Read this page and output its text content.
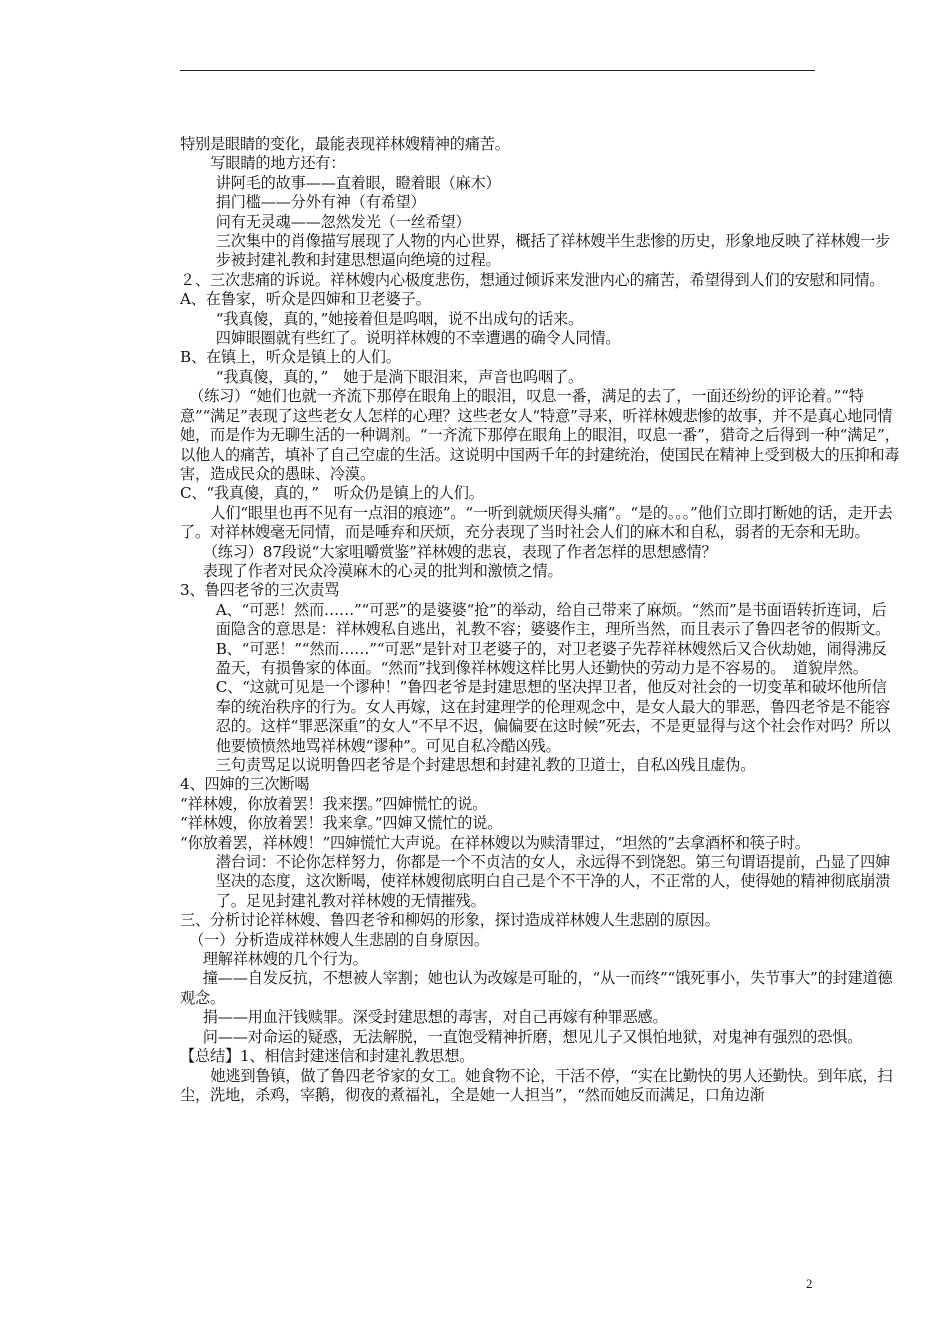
特别是眼睛的变化，最能表现祥林嫂精神的痛苦。

写眼睛的地方还有：

讲阿毛的故事——直着眼，瞪着眼（麻木）

捐门槛——分外有神（有希望）

问有无灵魂——忽然发光（一丝希望）

三次集中的肖像描写展现了人物的内心世界，概括了祥林嫂半生悲惨的历史，形象地反映了祥林嫂一步步被封建礼教和封建思想逼向绝境的过程。

２、三次悲痛的诉说。祥林嫂内心极度悲伤，想通过倾诉来发泄内心的痛苦，希望得到人们的安慰和同情。

A、在鲁家，听众是四婶和卫老婆子。

“我真傻，真的，”她接着但是呜咽，说不出成句的话来。

四婶眼圈就有些红了。说明祥林嫂的不幸遭遇的确令人同情。

B、在镇上，听众是镇上的人们。

“我真傻，真的，”　她于是淌下眼泪来，声音也呜咽了。

（练习）“她们也就一齐流下那停在眼角上的眼泪，叹息一番，满足的去了，一面还纷纷的评论着。”“特意”“满足”表现了这些老女人怎样的心理？这些老女人“特意”寻来，听祥林嫂悲惨的故事，并不是真心地同情她，而是作为无聊生活的一种调剂。“一齐流下那停在眼角上的眼泪，叹息一番”，猎奇之后得到一种“满足”，以他人的痛苦，填补了自己空虚的生活。这说明中国两千年的封建统治，使国民在精神上受到极大的压抑和毒害，造成民众的愚昧、冷漠。

C、“我真傻，真的，”　听众仍是镇上的人们。

人们“眼里也再不见有一点泪的痕迹”。“一听到就烦厌得头痛”。“是的。。。”他们立即打断她的话，走开去了。对祥林嫂毫无同情，而是唾弃和厌烦，充分表现了当时社会人们的麻木和自私，弱者的无奈和无助。

（练习）87段说“大家咀嚼赏鉴”祥林嫂的悲哀，表现了作者怎样的思想感情？

表现了作者对民众冷漠麻木的心灵的批判和激愤之情。

3、鲁四老爷的三次责骂

A、“可恶！然而……”“可恶”的是婆婆“抢”的举动，给自己带来了麻烦。“然而”是书面语转折连词，后面隐含的意思是：祥林嫂私自逃出，礼教不容；婆婆作主，理所当然，而且表示了鲁四老爷的假斯文。

B、“可恶！”“然而……”“可恶”是针对卫老婆子的，对卫老婆子先荐祥林嫂然后又合伙劫她，闹得沸反盈天，有损鲁家的体面。“然而”找到像祥林嫂这样比男人还勤快的劳动力是不容易的。　道貌岸然。

C、“这就可见是一个谬种！”鲁四老爷是封建思想的坚决捍卫者，他反对社会的一切变革和破坏他所信奉的统治秩序的行为。女人再嫁，这在封建理学的伦理观念中，是女人最大的罪恶，鲁四老爷是不能容忍的。这样“罪恶深重”的女人“不早不迟，偏偏要在这时候”死去，不是更显得与这个社会作对吗？所以他要愤愤然地骂祥林嫂“谬种”。可见自私冷酷凶残。

三句责骂足以说明鲁四老爷是个封建思想和封建礼教的卫道士，自私凶残且虚伪。

4、四婶的三次断喝

“祥林嫂，你放着罢！我来摆。”四婶慌忙的说。

“祥林嫂，你放着罢！我来拿。”四婶又慌忙的说。

“你放着罢，祥林嫂！”四婶慌忙大声说。在祥林嫂以为赎清罪过，“坦然的”去拿酒杯和筷子时。

潜台词：不论你怎样努力，你都是一个不贞洁的女人，永远得不到饶恕。第三句谓语提前，凸显了四婶坚决的态度，这次断喝，使祥林嫂彻底明白自己是个不干净的人，不正常的人，使得她的精神彻底崩溃了。足见封建礼教对祥林嫂的无情摧残。

三、分析讨论祥林嫂、鲁四老爷和柳妈的形象，探讨造成祥林嫂人生悲剧的原因。

（一）分析造成祥林嫂人生悲剧的自身原因。

理解祥林嫂的几个行为。

撞——自发反抗，不想被人宰割；她也认为改嫁是可耻的，“从一而终”“饿死事小，失节事大”的封建道德观念。

捐——用血汗钱赎罪。深受封建思想的毒害，对自己再嫁有种罪恶感。

问——对命运的疑惑，无法解脱，一直饱受精神折磨，想见儿子又惧怕地狱，对鬼神有强烈的恐惧。

【总结】1、相信封建迷信和封建礼教思想。

她逃到鲁镇，做了鲁四老爷家的女工。她食物不论，干活不停，“实在比勤快的男人还勤快。到年底，扫尘，洗地，杀鸡，宰鹅，彻夜的煮福礼，全是她一人担当”，“然而她反而满足，口角边渐

2
